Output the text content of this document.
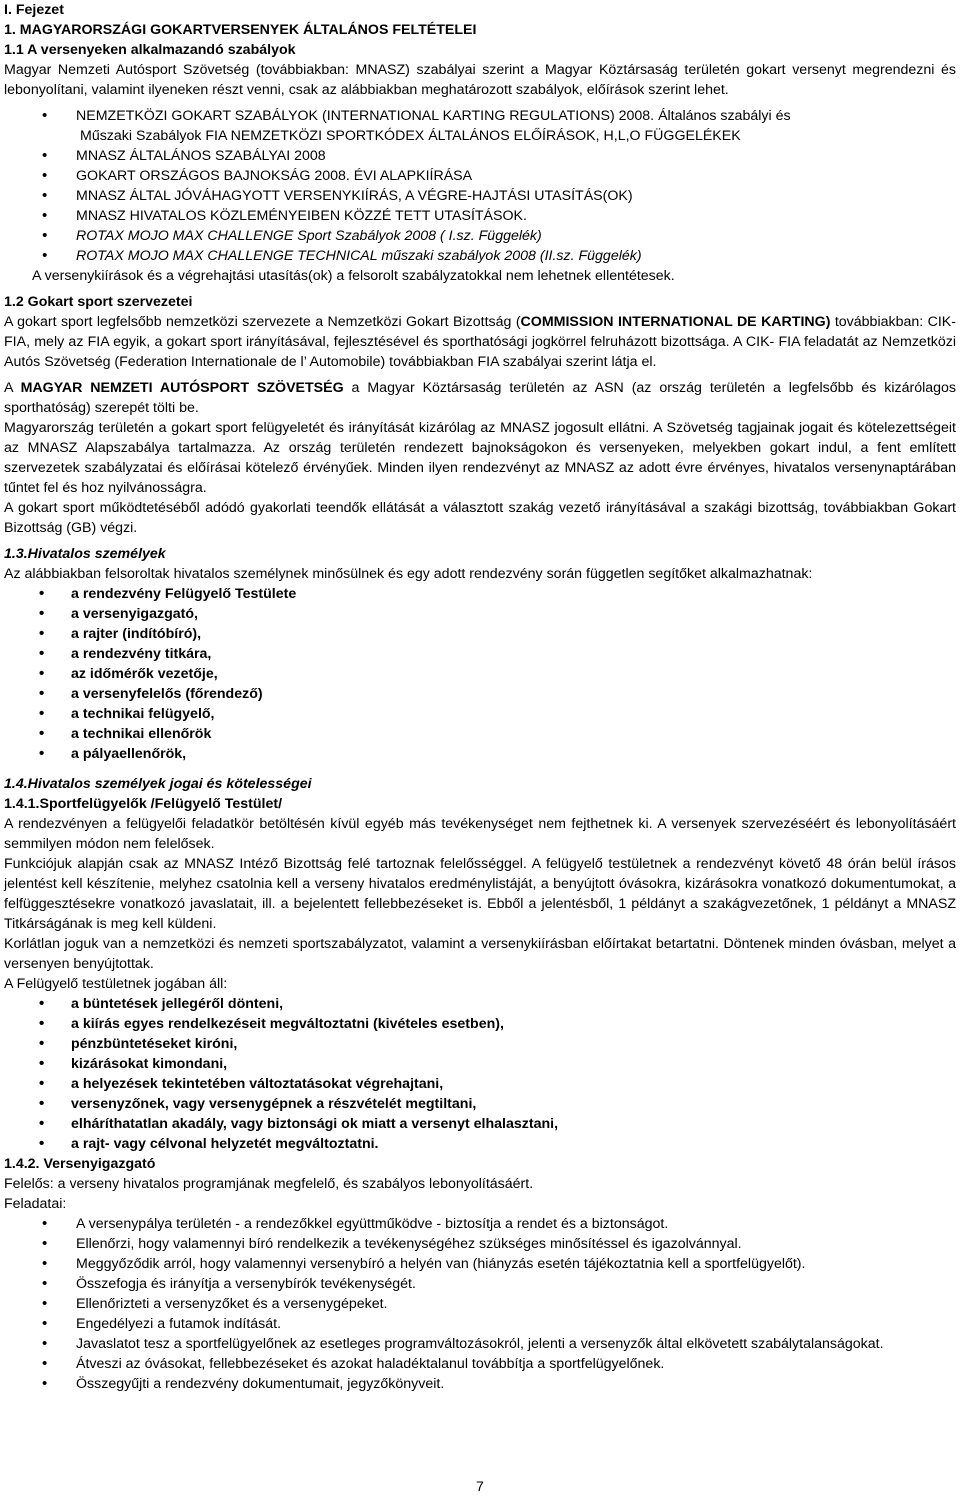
I. Fejezet

1. MAGYARORSZÁGI GOKARTVERSENYEK ÁLTALÁNOS FELTÉTELEI

1.1 A versenyeken alkalmazandó szabályok

Magyar Nemzeti Autósport Szövetség (továbbiakban: MNASZ) szabályai szerint a Magyar Köztársaság területén gokart versenyt megrendezni és lebonyolítani, valamint ilyeneken részt venni, csak az alábbiakban meghatározott szabályok, előírások szerint lehet.

• NEMZETKÖZI GOKART SZABÁLYOK (INTERNATIONAL KARTING REGULATIONS) 2008. Általános szabályi és

Műszaki Szabályok FIA NEMZETKÖZI SPORTKÓDEX ÁLTALÁNOS ELŐÍRÁSOK, H,L,O FÜGGELÉKEK

• MNASZ ÁLTALÁNOS SZABÁLYAI 2008
• GOKART ORSZÁGOS BAJNOKSÁG 2008. ÉVI ALAPKIÍRÁSA
• MNASZ ÁLTAL JÓVÁHAGYOTT VERSENYKIÍRÁS, A VÉGRE-HAJTÁSI UTASÍTÁS(OK)
• MNASZ HIVATALOS KÖZLEMÉNYEIBEN KÖZZÉ TETT UTASÍTÁSOK.
• ROTAX MOJO MAX CHALLENGE Sport Szabályok 2008 ( I.sz. Függelék)
• ROTAX MOJO MAX CHALLENGE TECHNICAL műszaki szabályok 2008 (II.sz. Függelék)

A versenykiírások és a végrehajtási utasítás(ok) a felsorolt szabályzatokkal nem lehetnek ellentétesek.

1.2 Gokart sport szervezetei

A gokart sport legfelsőbb nemzetközi szervezete a Nemzetközi Gokart Bizottság (COMMISSION INTERNATIONAL DE KARTING) továbbiakban: CIK-FIA, mely az FIA egyik, a gokart sport irányításával, fejlesztésével és sporthatósági jogkörrel felruházott bizottsága. A CIK- FIA feladatát az Nemzetközi Autós Szövetség (Federation Internationale de l’ Automobile) továbbiakban FIA szabályai szerint látja el.

A MAGYAR NEMZETI AUTÓSPORT SZÖVETSÉG a Magyar Köztársaság területén az ASN (az ország területén a legfelsőbb és kizárólagos sporthatóság) szerepét tölti be.

Magyarország területén a gokart sport felügyeletét és irányítását kizárólag az MNASZ jogosult ellátni. A Szövetség tagjainak jogait és kötelezettségeit az MNASZ Alapszabálya tartalmazza. Az ország területén rendezett bajnokságokon és versenyeken, melyekben gokart indul, a fent említett szervezetek szabályzatai és előírásai kötelező érvényűek. Minden ilyen rendezvényt az MNASZ az adott évre érvényes, hivatalos versenynaptárában tűntet fel és hoz nyilvánosságra.

A gokart sport működtetéséből adódó gyakorlati teendők ellátását a választott szakág vezető irányításával a szakági bizottság, továbbiakban Gokart Bizottság (GB) végzi.

1.3.Hivatalos személyek

Az alábbiakban felsoroltak hivatalos személynek minősülnek és egy adott rendezvény során független segítőket alkalmazhatnak:

• a rendezvény Felügyelő Testülete
• a versenyigazgató,
• a rajter (indítóbíró),
• a rendezvény titkára,
• az időmérők vezetője,
• a versenyfelelős (főrendező)
• a technikai felügyelő,
• a technikai ellenőrök
• a pályaellenőrök,

1.4.Hivatalos személyek jogai és kötelességei

1.4.1.Sportfelügyelők /Felügyelő Testület/

A rendezvényen a felügyelői feladatkör betöltésén kívül egyéb más tevékenységet nem fejthetnek ki. A versenyek szervezéséért és lebonyolításáért semmilyen módon nem felelősek.

Funkciójuk alapján csak az MNASZ Intéző Bizottság felé tartoznak felelősséggel. A felügyelő testületnek a rendezvényt követő 48 órán belül írásos jelentést kell készítenie, melyhez csatolnia kell a verseny hivatalos eredménylistáját, a benyújtott óvásokra, kizárásokra vonatkozó dokumentumokat, a felfüggesztésekre vonatkozó javaslatait, ill. a bejelentett fellebbezéseket is. Ebből a jelentésből, 1 példányt a szakágvezetőnek, 1 példányt a MNASZ Titkárságának is meg kell küldeni.

Korlátlan joguk van a nemzetközi és nemzeti sportszabályzatot, valamint a versenykiírásban előírtakat betartatni. Döntenek minden óvásban, melyet a versenyen benyújtottak.

A Felügyelő testületnek jogában áll:

• a büntetések jellegéről dönteni,
• a kiírás egyes rendelkezéseit megváltoztatni (kivételes esetben),
• pénzbüntetéseket kiróni,
• kizárásokat kimondani,
• a helyezések tekintetében változtatásokat végrehajtani,
• versenyzőnek, vagy versenygépnek a részvételét megtiltani,
• elháríthatatlan akadály, vagy biztonsági ok miatt a versenyt elhalasztani,
• a rajt- vagy célvonal helyzetét megváltoztatni.

1.4.2. Versenyigazgató

Felelős: a verseny hivatalos programjának megfelelő, és szabályos lebonyolításáért.

Feladatai:

• A versenypálya területén - a rendezőkkel együttműködve - biztosítja a rendet és a biztonságot.
• Ellenőrzi, hogy valamennyi bíró rendelkezik a tevékenységéhez szükséges minősítéssel és igazolvánnyal.
• Meggyőződik arról, hogy valamennyi versenybíró a helyén van (hiányzás esetén tájékoztatnia kell a sportfelügyelőt).
• Összefogja és irányítja a versenybírók tevékenységét.
• Ellenőrizteti a versenyzőket és a versenygépeket.
• Engedélyezi a futamok indítását.
• Javaslatot tesz a sportfelügyelőnek az esetleges programváltozásokról, jelenti a versenyzők által elkövetett szabálytalanságokat.
• Átveszi az óvásokat, fellebbezéseket és azokat haladéktalanul továbbítja a sportfelügyelőnek.
• Összegyűjti a rendezvény dokumentumait, jegyzőkönyveit.
7
